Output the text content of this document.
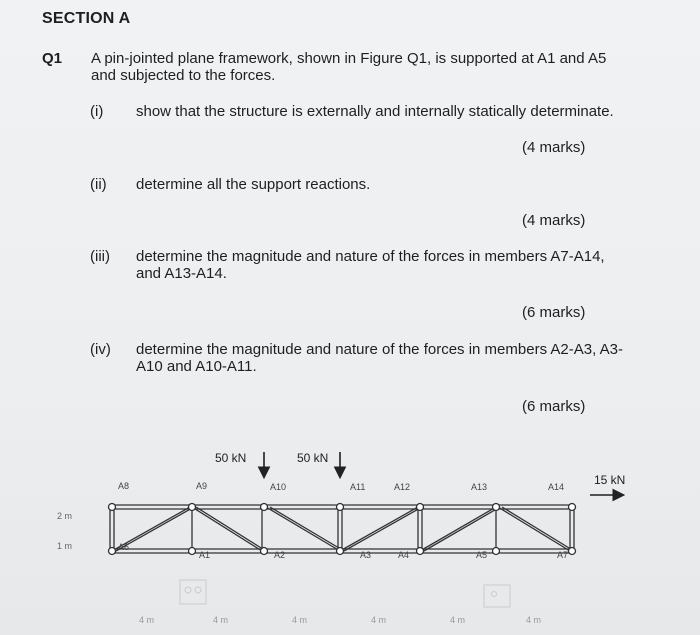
SECTION A
Q1 A pin-jointed plane framework, shown in Figure Q1, is supported at A1 and A5
and subjected to the forces.
(i) show that the structure is externally and internally statically determinate.
(4 marks)
(ii) determine all the support reactions.
(4 marks)
(iii) determine the magnitude and nature of the forces in members A7-A14,
and A13-A14.
(6 marks)
(iv) determine the magnitude and nature of the forces in members A2-A3, A3-
A10 and A10-A11.
(6 marks)
A8	A9	A10	A11	A12	A13	A14
A6
A1	A2	A3	A4	A5	A7
2 m
1 m
4 m	4 m	4 m	4 m	4 m	4 m
50 kN	50 kN
15 kN
